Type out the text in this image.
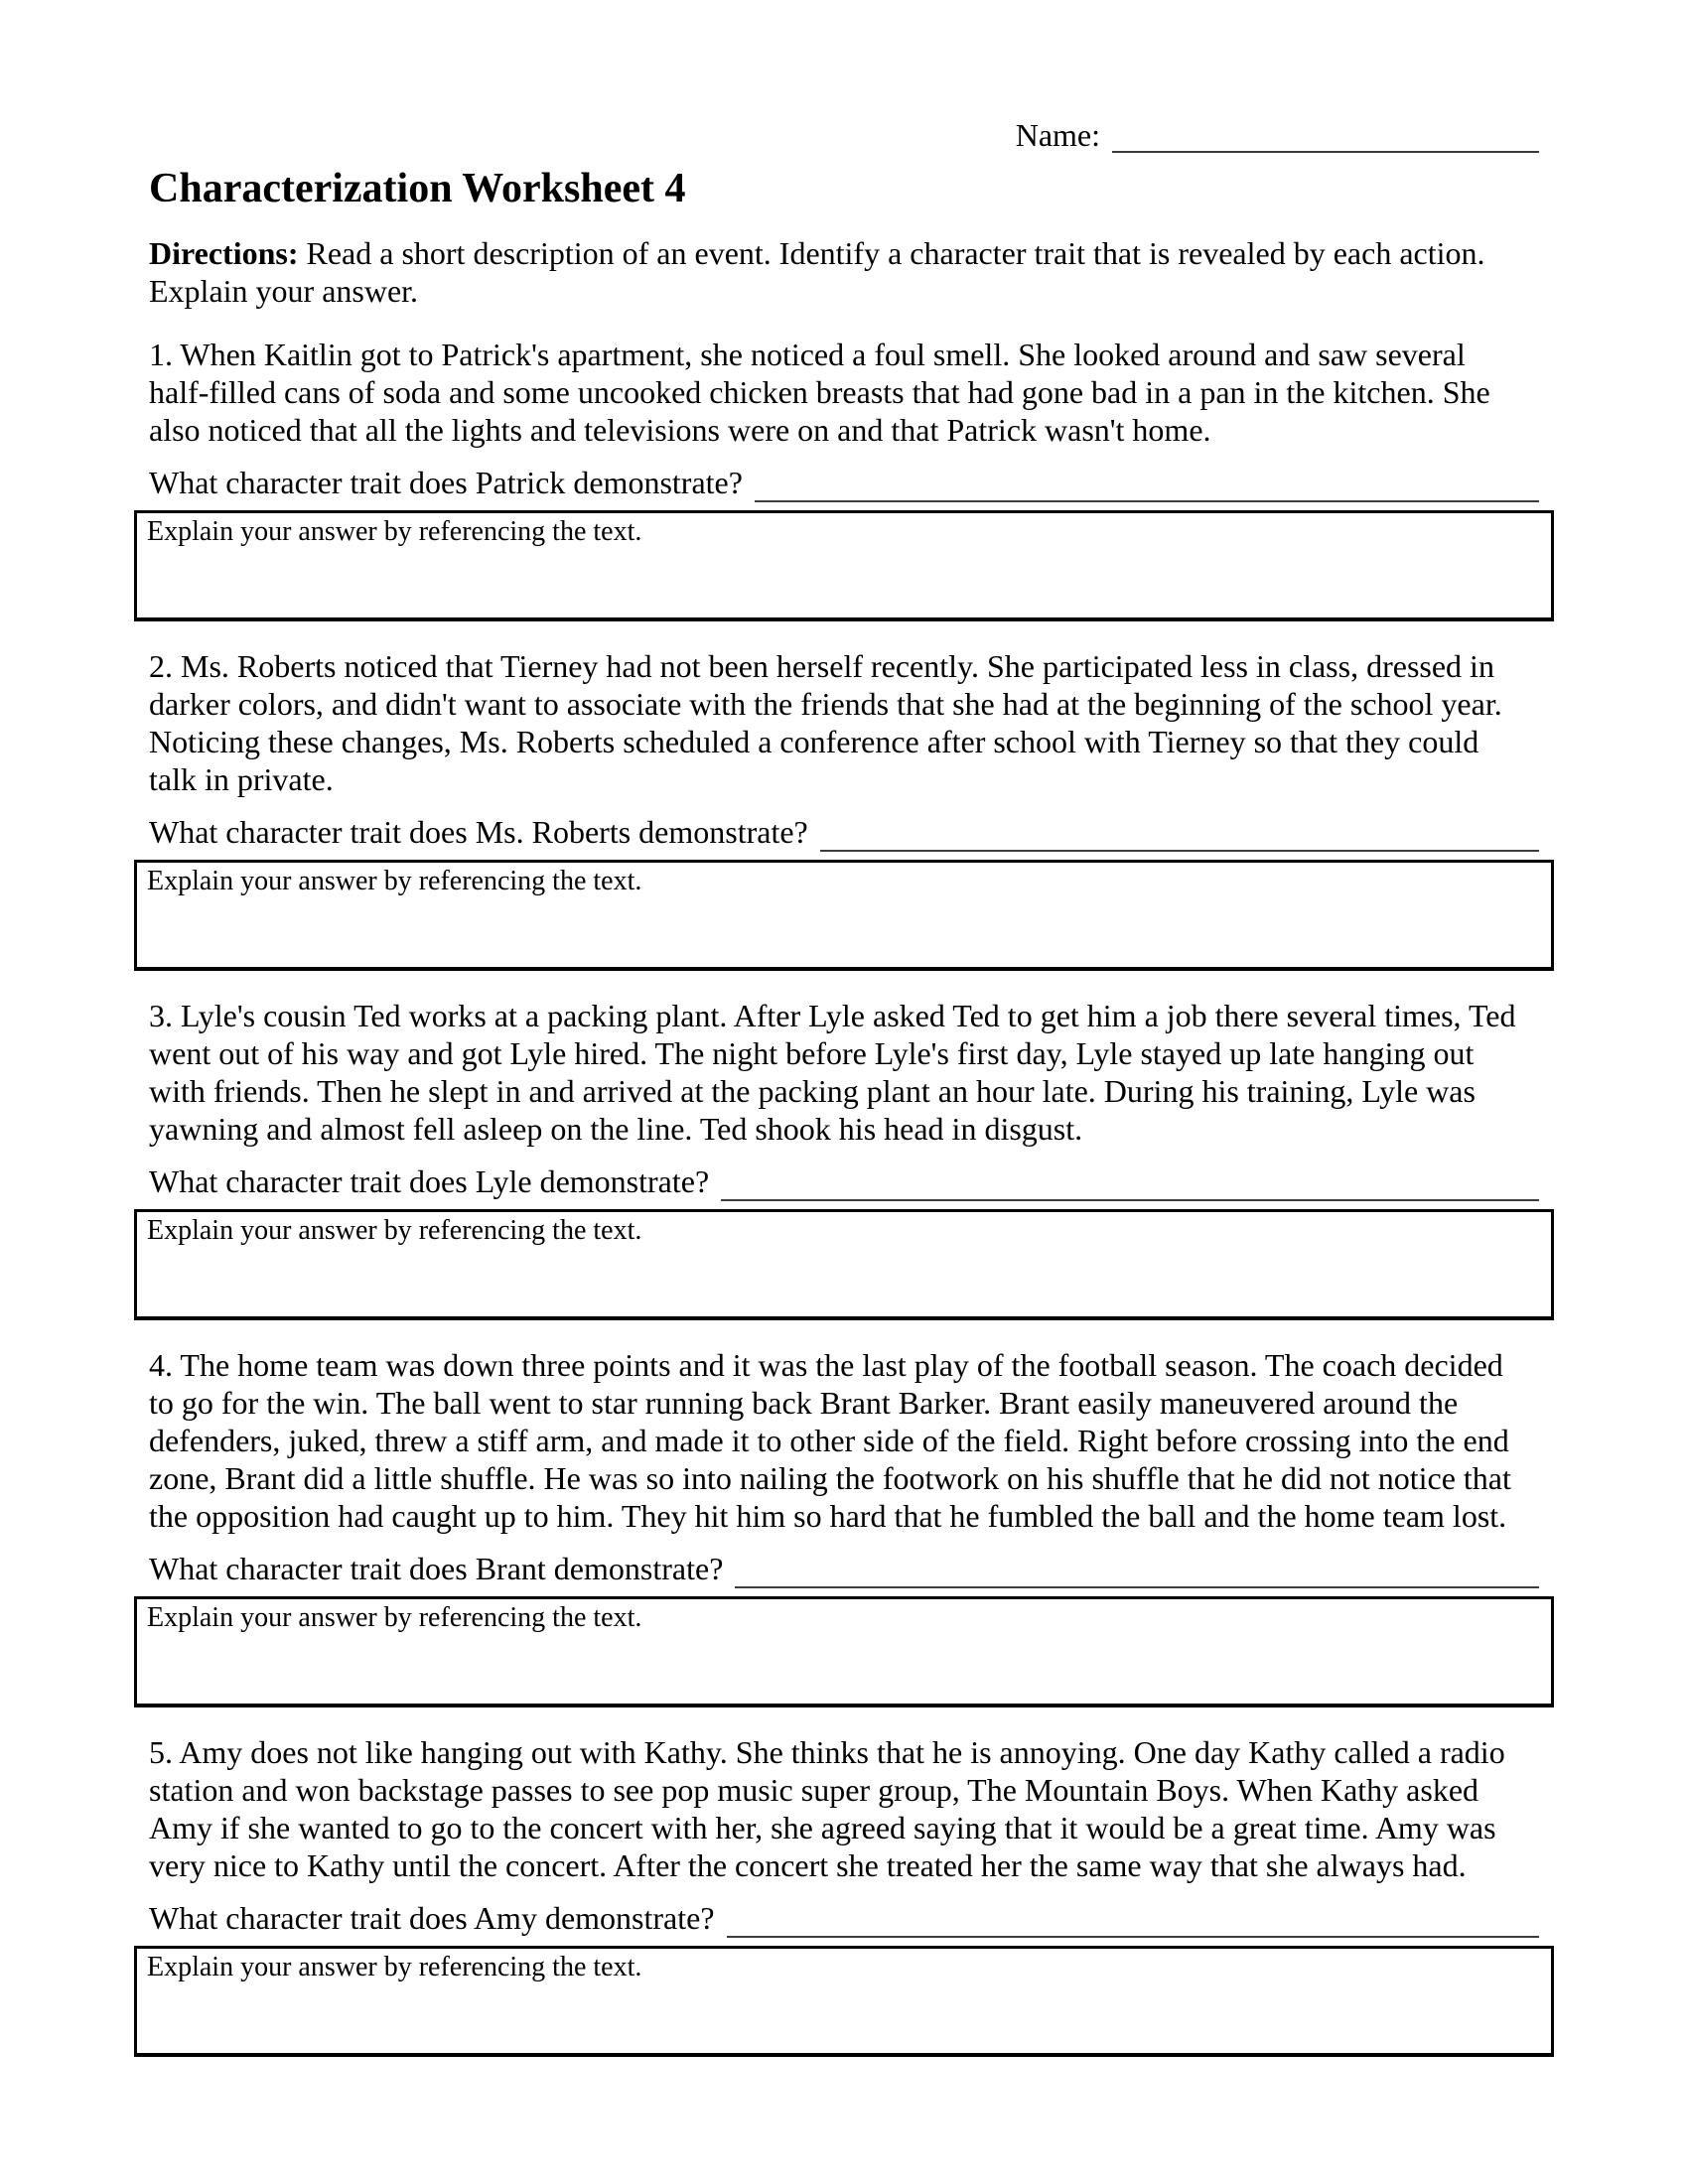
Name:
Characterization Worksheet 4
Directions: Read a short description of an event. Identify a character trait that is revealed by each action. Explain your answer.
1. When Kaitlin got to Patrick's apartment, she noticed a foul smell. She looked around and saw several half-filled cans of soda and some uncooked chicken breasts that had gone bad in a pan in the kitchen. She also noticed that all the lights and televisions were on and that Patrick wasn't home.
What character trait does Patrick demonstrate?
Explain your answer by referencing the text.
2. Ms. Roberts noticed that Tierney had not been herself recently. She participated less in class, dressed in darker colors, and didn't want to associate with the friends that she had at the beginning of the school year. Noticing these changes, Ms. Roberts scheduled a conference after school with Tierney so that they could talk in private.
What character trait does Ms. Roberts demonstrate?
Explain your answer by referencing the text.
3. Lyle's cousin Ted works at a packing plant. After Lyle asked Ted to get him a job there several times, Ted went out of his way and got Lyle hired. The night before Lyle's first day, Lyle stayed up late hanging out with friends. Then he slept in and arrived at the packing plant an hour late. During his training, Lyle was yawning and almost fell asleep on the line. Ted shook his head in disgust.
What character trait does Lyle demonstrate?
Explain your answer by referencing the text.
4. The home team was down three points and it was the last play of the football season. The coach decided to go for the win. The ball went to star running back Brant Barker. Brant easily maneuvered around the defenders, juked, threw a stiff arm, and made it to other side of the field. Right before crossing into the end zone, Brant did a little shuffle. He was so into nailing the footwork on his shuffle that he did not notice that the opposition had caught up to him. They hit him so hard that he fumbled the ball and the home team lost.
What character trait does Brant demonstrate?
Explain your answer by referencing the text.
5. Amy does not like hanging out with Kathy. She thinks that he is annoying. One day Kathy called a radio station and won backstage passes to see pop music super group, The Mountain Boys. When Kathy asked Amy if she wanted to go to the concert with her, she agreed saying that it would be a great time. Amy was very nice to Kathy until the concert. After the concert she treated her the same way that she always had.
What character trait does Amy demonstrate?
Explain your answer by referencing the text.
